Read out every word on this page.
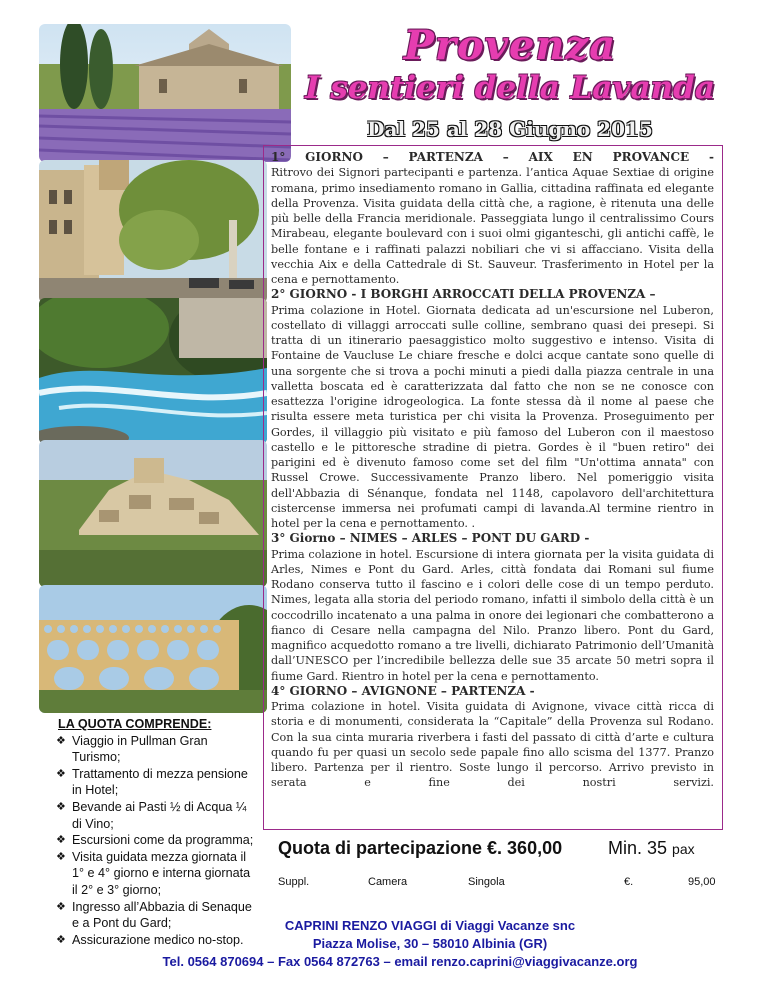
Provenza
I sentieri della Lavanda
Dal 25 al 28 Giugno 2015

1° GIORNO – PARTENZA – AIX EN PROVANCE -

Ritrovo dei Signori partecipanti e partenza. l’antica Aquae Sextiae di origine romana, primo insediamento romano in Gallia, cittadina raffinata ed elegante della Provenza. Visita guidata della città che, a ragione, è ritenuta una delle più belle della Francia meridionale. Passeggiata lungo il centralissimo Cours Mirabeau, elegante boulevard con i suoi olmi giganteschi, gli antichi caffè, le belle fontane e i raffinati palazzi nobiliari che vi si affacciano. Visita della vecchia Aix e della Cattedrale di St. Sauveur. Trasferimento in Hotel per la cena e pernottamento.

2° GIORNO - I BORGHI ARROCCATI DELLA PROVENZA –

Prima colazione in Hotel. Giornata dedicata ad un'escursione nel Luberon, costellato di villaggi arroccati sulle colline, sembrano quasi dei presepi. Si tratta di un itinerario paesaggistico molto suggestivo e intenso. Visita di Fontaine de Vaucluse Le chiare fresche e dolci acque cantate sono quelle di una sorgente che si trova a pochi minuti a piedi dalla piazza centrale in una valletta boscata ed è caratterizzata dal fatto che non se ne conosce con esattezza l'origine idrogeologica. La fonte stessa dà il nome al paese che risulta essere meta turistica per chi visita la Provenza. Proseguimento per Gordes, il villaggio più visitato e più famoso del Luberon con il maestoso castello e le pittoresche stradine di pietra. Gordes è il "buen retiro" dei parigini ed è divenuto famoso come set del film "Un'ottima annata" con Russel Crowe. Successivamente Pranzo libero. Nel pomeriggio visita dell'Abbazia di Sénanque, fondata nel 1148, capolavoro dell'architettura cistercense immersa nei profumati campi di lavanda.Al termine rientro in hotel per la cena e pernottamento. .

3° Giorno – NIMES – ARLES – PONT DU GARD -

Prima colazione in hotel. Escursione di intera giornata per la visita guidata di Arles, Nimes e Pont du Gard. Arles, città fondata dai Romani sul fiume Rodano conserva tutto il fascino e i colori delle cose di un tempo perduto. Nimes, legata alla storia del periodo romano, infatti il simbolo della città è un coccodrillo incatenato a una palma in onore dei legionari che combatterono a fianco di Cesare nella campagna del Nilo. Pranzo libero. Pont du Gard, magnifico acquedotto romano a tre livelli, dichiarato Patrimonio dell’Umanità dall’UNESCO per l’incredibile bellezza delle sue 35 arcate 50 metri sopra il fiume Gard. Rientro in hotel per la cena e pernottamento.

4° GIORNO – AVIGNONE – PARTENZA -

Prima colazione in hotel. Visita guidata di Avignone, vivace città ricca di storia e di monumenti, considerata la “Capitale” della Provenza sul Rodano. Con la sua cinta muraria riverbera i fasti del passato di città d’arte e cultura quando fu per quasi un secolo sede papale fino allo scisma del 1377. Pranzo libero. Partenza per il rientro. Soste lungo il percorso. Arrivo previsto in serata e fine dei nostri servizi.

Quota di partecipazione €. 360,00	Min. 35 pax
Suppl.	Camera	Singola	€.	95,00
LA QUOTA COMPRENDE:
❖ Viaggio in Pullman Gran Turismo;
❖ Trattamento di mezza pensione in Hotel;
❖ Bevande ai Pasti ½ di Acqua ¼ di Vino;
❖ Escursioni come da programma;
❖ Visita guidata mezza giornata il 1° e 4° giorno e interna giornata il 2° e 3° giorno;
❖ Ingresso all’Abbazia di Senaque e a Pont du Gard;
❖ Assicurazione medico no-stop.
CAPRINI RENZO VIAGGI di Viaggi Vacanze snc
Piazza Molise, 30 – 58010 Albinia (GR)
Tel. 0564 870694 – Fax 0564 872763 – email renzo.caprini@viaggivacanze.org
